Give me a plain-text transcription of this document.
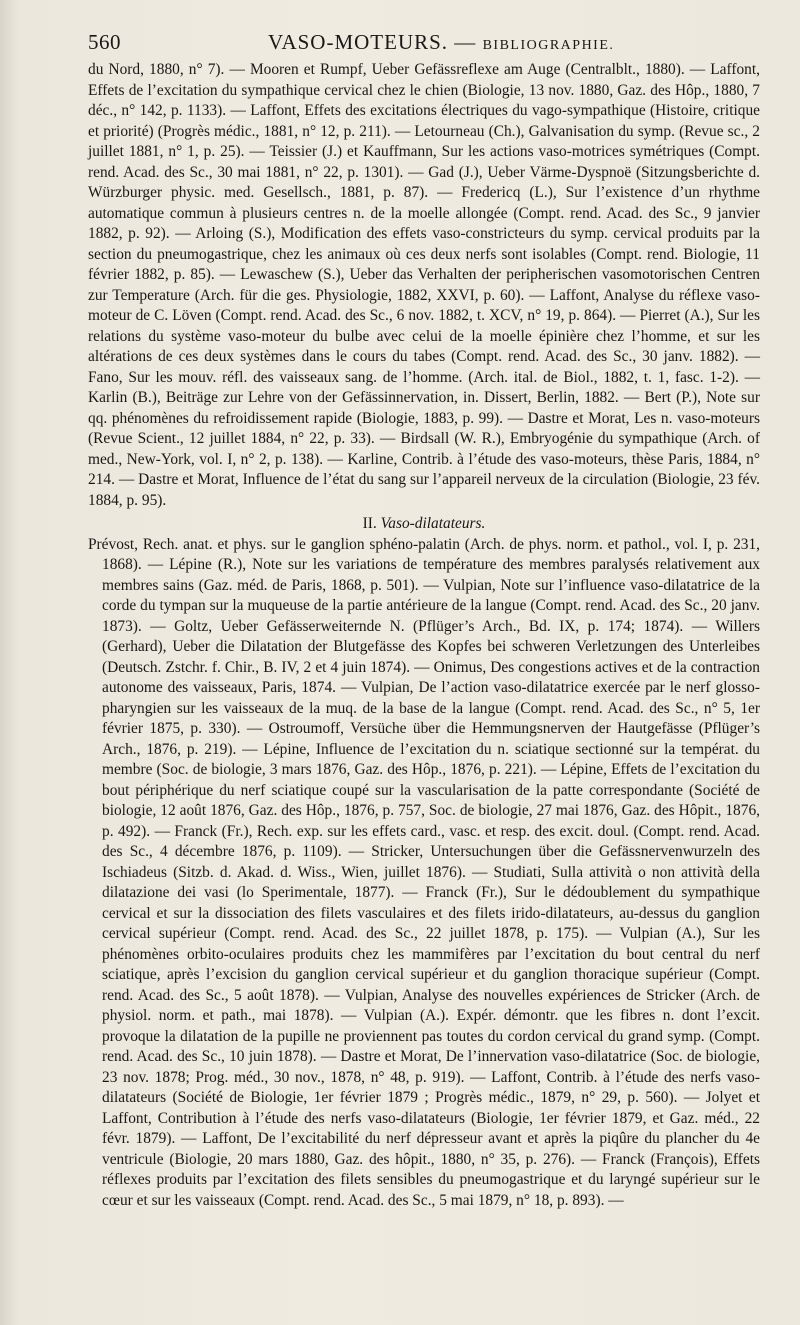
560	VASO-MOTEURS. — BIBLIOGRAPHIE.

du Nord, 1880, n° 7). — Mooren et Rumpf, Ueber Gefässreflexe am Auge (Centralblt., 1880). — Laffont, Effets de l’excitation du sympathique cervical chez le chien (Biologie, 13 nov. 1880, Gaz. des Hôp., 1880, 7 déc., n° 142, p. 1133). — Laffont, Effets des excitations électriques du vago-sympathique (Histoire, critique et priorité) (Progrès médic., 1881, n° 12, p. 211). — Letourneau (Ch.), Galvanisation du symp. (Revue sc., 2 juillet 1881, n° 1, p. 25). — Teissier (J.) et Kauffmann, Sur les actions vaso-motrices symétriques (Compt. rend. Acad. des Sc., 30 mai 1881, n° 22, p. 1301). — Gad (J.), Ueber Värme-Dyspnoë (Sitzungsberichte d. Würzburger physic. med. Gesellsch., 1881, p. 87). — Fredericq (L.), Sur l’existence d’un rhythme automatique commun à plusieurs centres n. de la moelle allongée (Compt. rend. Acad. des Sc., 9 janvier 1882, p. 92). — Arloing (S.), Modification des effets vaso-constricteurs du symp. cervical produits par la section du pneumogastrique, chez les animaux où ces deux nerfs sont isolables (Compt. rend. Biologie, 11 février 1882, p. 85). — Lewaschew (S.), Ueber das Verhalten der peripherischen vasomotorischen Centren zur Temperature (Arch. für die ges. Physiologie, 1882, XXVI, p. 60). — Laffont, Analyse du réflexe vaso-moteur de C. Löven (Compt. rend. Acad. des Sc., 6 nov. 1882, t. XCV, n° 19, p. 864). — Pierret (A.), Sur les relations du système vaso-moteur du bulbe avec celui de la moelle épinière chez l’homme, et sur les altérations de ces deux systèmes dans le cours du tabes (Compt. rend. Acad. des Sc., 30 janv. 1882). — Fano, Sur les mouv. réfl. des vaisseaux sang. de l’homme. (Arch. ital. de Biol., 1882, t. 1, fasc. 1-2). — Karlin (B.), Beiträge zur Lehre von der Gefässinnervation, in. Dissert, Berlin, 1882. — Bert (P.), Note sur qq. phénomènes du refroidissement rapide (Biologie, 1883, p. 99). — Dastre et Morat, Les n. vaso-moteurs (Revue Scient., 12 juillet 1884, n° 22, p. 33). — Birdsall (W. R.), Embryogénie du sympathique (Arch. of med., New-York, vol. I, n° 2, p. 138). — Karline, Contrib. à l’étude des vaso-moteurs, thèse Paris, 1884, n° 214. — Dastre et Morat, Influence de l’état du sang sur l’appareil nerveux de la circulation (Biologie, 23 fév. 1884, p. 95).

II. Vaso-dilatateurs.

Prévost, Rech. anat. et phys. sur le ganglion sphéno-palatin (Arch. de phys. norm. et pathol., vol. I, p. 231, 1868). — Lépine (R.), Note sur les variations de température des membres paralysés relativement aux membres sains (Gaz. méd. de Paris, 1868, p. 501). — Vulpian, Note sur l’influence vaso-dilatatrice de la corde du tympan sur la muqueuse de la partie antérieure de la langue (Compt. rend. Acad. des Sc., 20 janv. 1873). — Goltz, Ueber Gefässerweiternde N. (Pflüger’s Arch., Bd. IX, p. 174; 1874). — Willers (Gerhard), Ueber die Dilatation der Blutgefässe des Kopfes bei schweren Verletzungen des Unterleibes (Deutsch. Zstchr. f. Chir., B. IV, 2 et 4 juin 1874). — Onimus, Des congestions actives et de la contraction autonome des vaisseaux, Paris, 1874. — Vulpian, De l’action vaso-dilatatrice exercée par le nerf glosso-pharyngien sur les vaisseaux de la muq. de la base de la langue (Compt. rend. Acad. des Sc., n° 5, 1er février 1875, p. 330). — Ostroumoff, Versüche über die Hemmungsnerven der Hautgefässe (Pflüger’s Arch., 1876, p. 219). — Lépine, Influence de l’excitation du n. sciatique sectionné sur la températ. du membre (Soc. de biologie, 3 mars 1876, Gaz. des Hôp., 1876, p. 221). — Lépine, Effets de l’excitation du bout périphérique du nerf sciatique coupé sur la vascularisation de la patte correspondante (Société de biologie, 12 août 1876, Gaz. des Hôp., 1876, p. 757, Soc. de biologie, 27 mai 1876, Gaz. des Hôpit., 1876, p. 492). — Franck (Fr.), Rech. exp. sur les effets card., vasc. et resp. des excit. doul. (Compt. rend. Acad. des Sc., 4 décembre 1876, p. 1109). — Stricker, Untersuchungen über die Gefässnervenwurzeln des Ischiadeus (Sitzb. d. Akad. d. Wiss., Wien, juillet 1876). — Studiati, Sulla attività o non attività della dilatazione dei vasi (lo Sperimentale, 1877). — Franck (Fr.), Sur le dédoublement du sympathique cervical et sur la dissociation des filets vasculaires et des filets irido-dilatateurs, au-dessus du ganglion cervical supérieur (Compt. rend. Acad. des Sc., 22 juillet 1878, p. 175). — Vulpian (A.), Sur les phénomènes orbito-oculaires produits chez les mammifères par l’excitation du bout central du nerf sciatique, après l’excision du ganglion cervical supérieur et du ganglion thoracique supérieur (Compt. rend. Acad. des Sc., 5 août 1878). — Vulpian, Analyse des nouvelles expériences de Stricker (Arch. de physiol. norm. et path., mai 1878). — Vulpian (A.). Expér. démontr. que les fibres n. dont l’excit. provoque la dilatation de la pupille ne proviennent pas toutes du cordon cervical du grand symp. (Compt. rend. Acad. des Sc., 10 juin 1878). — Dastre et Morat, De l’innervation vaso-dilatatrice (Soc. de biologie, 23 nov. 1878; Prog. méd., 30 nov., 1878, n° 48, p. 919). — Laffont, Contrib. à l’étude des nerfs vaso-dilatateurs (Société de Biologie, 1er février 1879 ; Progrès médic., 1879, n° 29, p. 560). — Jolyet et Laffont, Contribution à l’étude des nerfs vaso-dilatateurs (Biologie, 1er février 1879, et Gaz. méd., 22 févr. 1879). — Laffont, De l’excitabilité du nerf dépresseur avant et après la piqûre du plancher du 4e ventricule (Biologie, 20 mars 1880, Gaz. des hôpit., 1880, n° 35, p. 276). — Franck (François), Effets réflexes produits par l’excitation des filets sensibles du pneumogastrique et du laryngé supérieur sur le cœur et sur les vaisseaux (Compt. rend. Acad. des Sc., 5 mai 1879, n° 18, p. 893). —
